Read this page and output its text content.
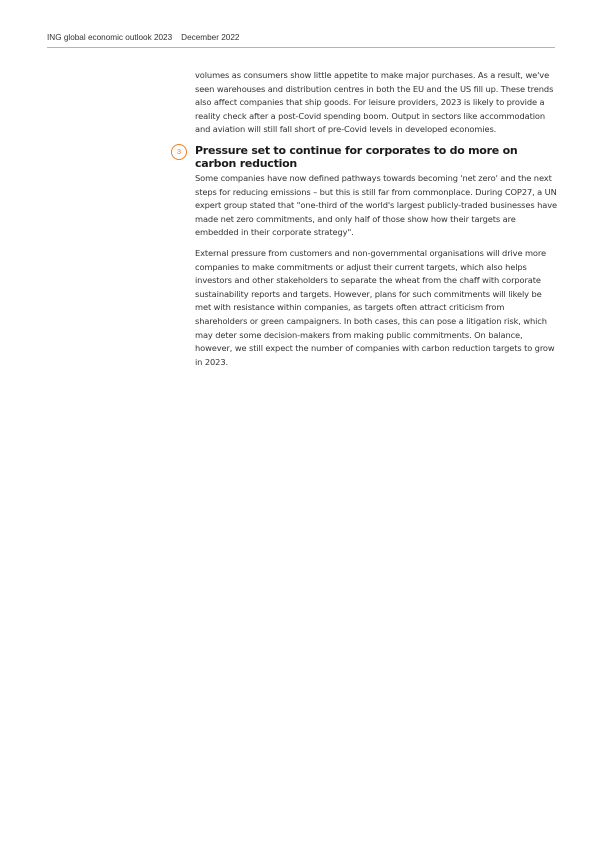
ING global economic outlook 2023 December 2022

volumes as consumers show little appetite to make major purchases. As a result, we've seen warehouses and distribution centres in both the EU and the US fill up. These trends also affect companies that ship goods. For leisure providers, 2023 is likely to provide a reality check after a post-Covid spending boom. Output in sectors like accommodation and aviation will still fall short of pre-Covid levels in developed economies.

3	Pressure set to continue for corporates to do more on carbon reduction

Some companies have now defined pathways towards becoming 'net zero' and the next steps for reducing emissions – but this is still far from commonplace. During COP27, a UN expert group stated that "one-third of the world's largest publicly-traded businesses have made net zero commitments, and only half of those show how their targets are embedded in their corporate strategy".

External pressure from customers and non-governmental organisations will drive more companies to make commitments or adjust their current targets, which also helps investors and other stakeholders to separate the wheat from the chaff with corporate sustainability reports and targets. However, plans for such commitments will likely be met with resistance within companies, as targets often attract criticism from shareholders or green campaigners. In both cases, this can pose a litigation risk, which may deter some decision-makers from making public commitments. On balance, however, we still expect the number of companies with carbon reduction targets to grow in 2023.
